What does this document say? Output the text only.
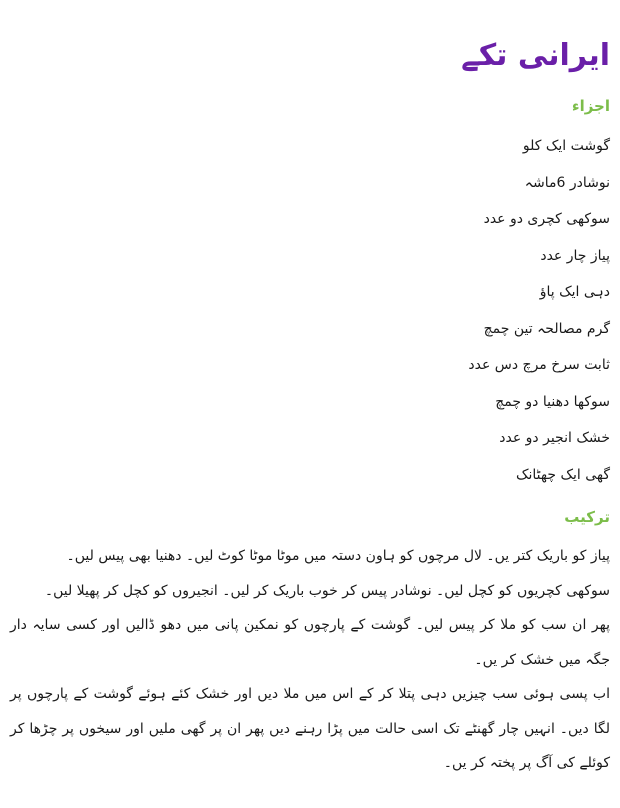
ایرانی تکے
اجزاء
گوشت ایک کلو
نوشادر 6ماشہ
سوکھی کچری دو عدد
پیاز چار عدد
دہی ایک پاؤ
گرم مصالحہ تین چمچ
ثابت سرخ مرچ دس عدد
سوکھا دھنیا دو چمچ
خشک انجیر دو عدد
گھی ایک چھٹانک
ترکیب

پیاز کو باریک کتر یں۔ لال مرچوں کو ہاون دستہ میں موٹا موٹا کوٹ لیں۔ دھنیا بھی پیس لیں۔

سوکھی کچریوں کو کچل لیں۔ نوشادر پیس کر خوب باریک کر لیں۔ انجیروں کو کچل کر پھیلا لیں۔

پھر ان سب کو ملا کر پیس لیں۔ گوشت کے پارچوں کو نمکین پانی میں دھو ڈالیں اور کسی سایہ دار جگہ میں خشک کر یں۔

اب پسی ہوئی سب چیزیں دہی پتلا کر کے اس میں ملا دیں اور خشک کئے ہوئے گوشت کے پارچوں پر لگا دیں۔ انہیں چار گھنٹے تک اسی حالت میں پڑا رہنے دیں پھر ان پر گھی ملیں اور سیخوں پر چڑھا کر کوئلے کی آگ پر پختہ کر یں۔
